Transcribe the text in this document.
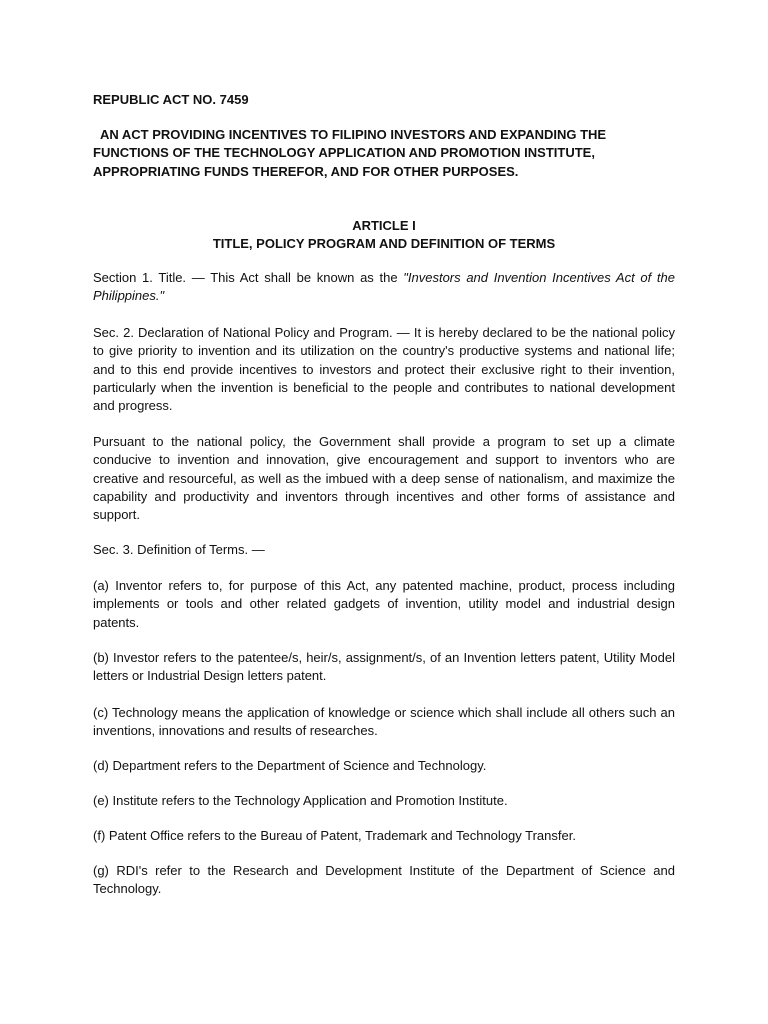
REPUBLIC ACT NO. 7459
AN ACT PROVIDING INCENTIVES TO FILIPINO INVESTORS AND EXPANDING THE FUNCTIONS OF THE TECHNOLOGY APPLICATION AND PROMOTION INSTITUTE, APPROPRIATING FUNDS THEREFOR, AND FOR OTHER PURPOSES.
ARTICLE I
TITLE, POLICY PROGRAM AND DEFINITION OF TERMS
Section 1. Title. — This Act shall be known as the "Investors and Invention Incentives Act of the Philippines."
Sec. 2. Declaration of National Policy and Program. — It is hereby declared to be the national policy to give priority to invention and its utilization on the country's productive systems and national life; and to this end provide incentives to investors and protect their exclusive right to their invention, particularly when the invention is beneficial to the people and contributes to national development and progress.
Pursuant to the national policy, the Government shall provide a program to set up a climate conducive to invention and innovation, give encouragement and support to inventors who are creative and resourceful, as well as the imbued with a deep sense of nationalism, and maximize the capability and productivity and inventors through incentives and other forms of assistance and support.
Sec. 3. Definition of Terms. —
(a) Inventor refers to, for purpose of this Act, any patented machine, product, process including implements or tools and other related gadgets of invention, utility model and industrial design patents.
(b) Investor refers to the patentee/s, heir/s, assignment/s, of an Invention letters patent, Utility Model letters or Industrial Design letters patent.
(c) Technology means the application of knowledge or science which shall include all others such an inventions, innovations and results of researches.
(d) Department refers to the Department of Science and Technology.
(e) Institute refers to the Technology Application and Promotion Institute.
(f) Patent Office refers to the Bureau of Patent, Trademark and Technology Transfer.
(g) RDI's refer to the Research and Development Institute of the Department of Science and Technology.
